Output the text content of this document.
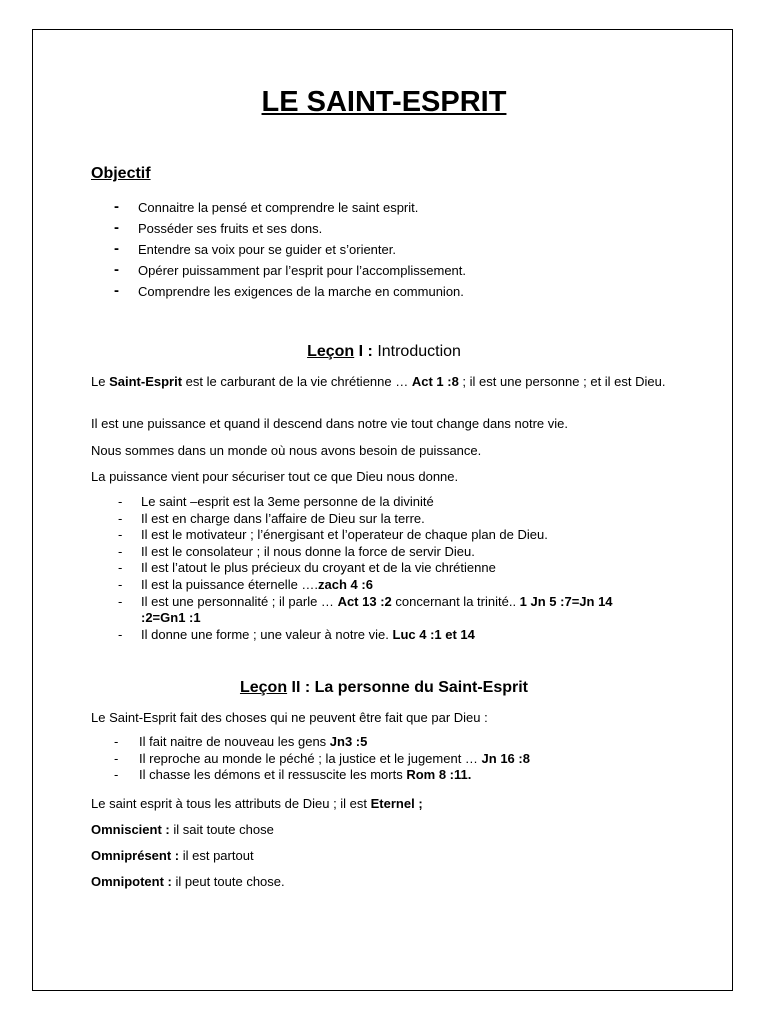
LE SAINT-ESPRIT
Objectif
- Connaitre la pensé et comprendre le saint esprit.
- Posséder ses fruits et ses dons.
- Entendre sa voix pour se guider et s’orienter.
- Opérer puissamment par l’esprit pour l’accomplissement.
- Comprendre les exigences de la marche en communion.
Leçon I : Introduction

Le Saint-Esprit est le carburant de la vie chrétienne … Act 1 :8 ; il est une personne ; et il est Dieu.

Il est une puissance et quand il descend dans notre vie tout change dans notre vie.

Nous sommes dans un monde où nous avons besoin de puissance.

La puissance vient pour sécuriser tout ce que Dieu nous donne.

- Le saint –esprit est la 3eme personne de la divinité
- Il est en charge dans l’affaire de Dieu sur la terre.
- Il est le motivateur ; l’énergisant et l’operateur de chaque plan de Dieu.
- Il est le consolateur ; il nous donne la force de servir Dieu.
- Il est l’atout le plus précieux du croyant et de la vie chrétienne
- Il est la puissance éternelle ….zach 4 :6
- Il est une personnalité ; il parle … Act 13 :2 concernant la trinité.. 1 Jn 5 :7=Jn 14 :2=Gn1 :1
- Il donne une forme ; une valeur à notre vie. Luc 4 :1 et 14
Leçon II : La personne du Saint-Esprit

Le Saint-Esprit fait des choses qui ne peuvent être fait que par Dieu :

- Il fait naitre de nouveau les gens Jn3 :5
- Il reproche au monde le péché ; la justice et le jugement … Jn 16 :8
- Il chasse les démons et il ressuscite les morts Rom 8 :11.

Le saint esprit à tous les attributs de Dieu ; il est Eternel ;

Omniscient : il sait toute chose

Omniprésent : il est partout

Omnipotent : il peut toute chose.
